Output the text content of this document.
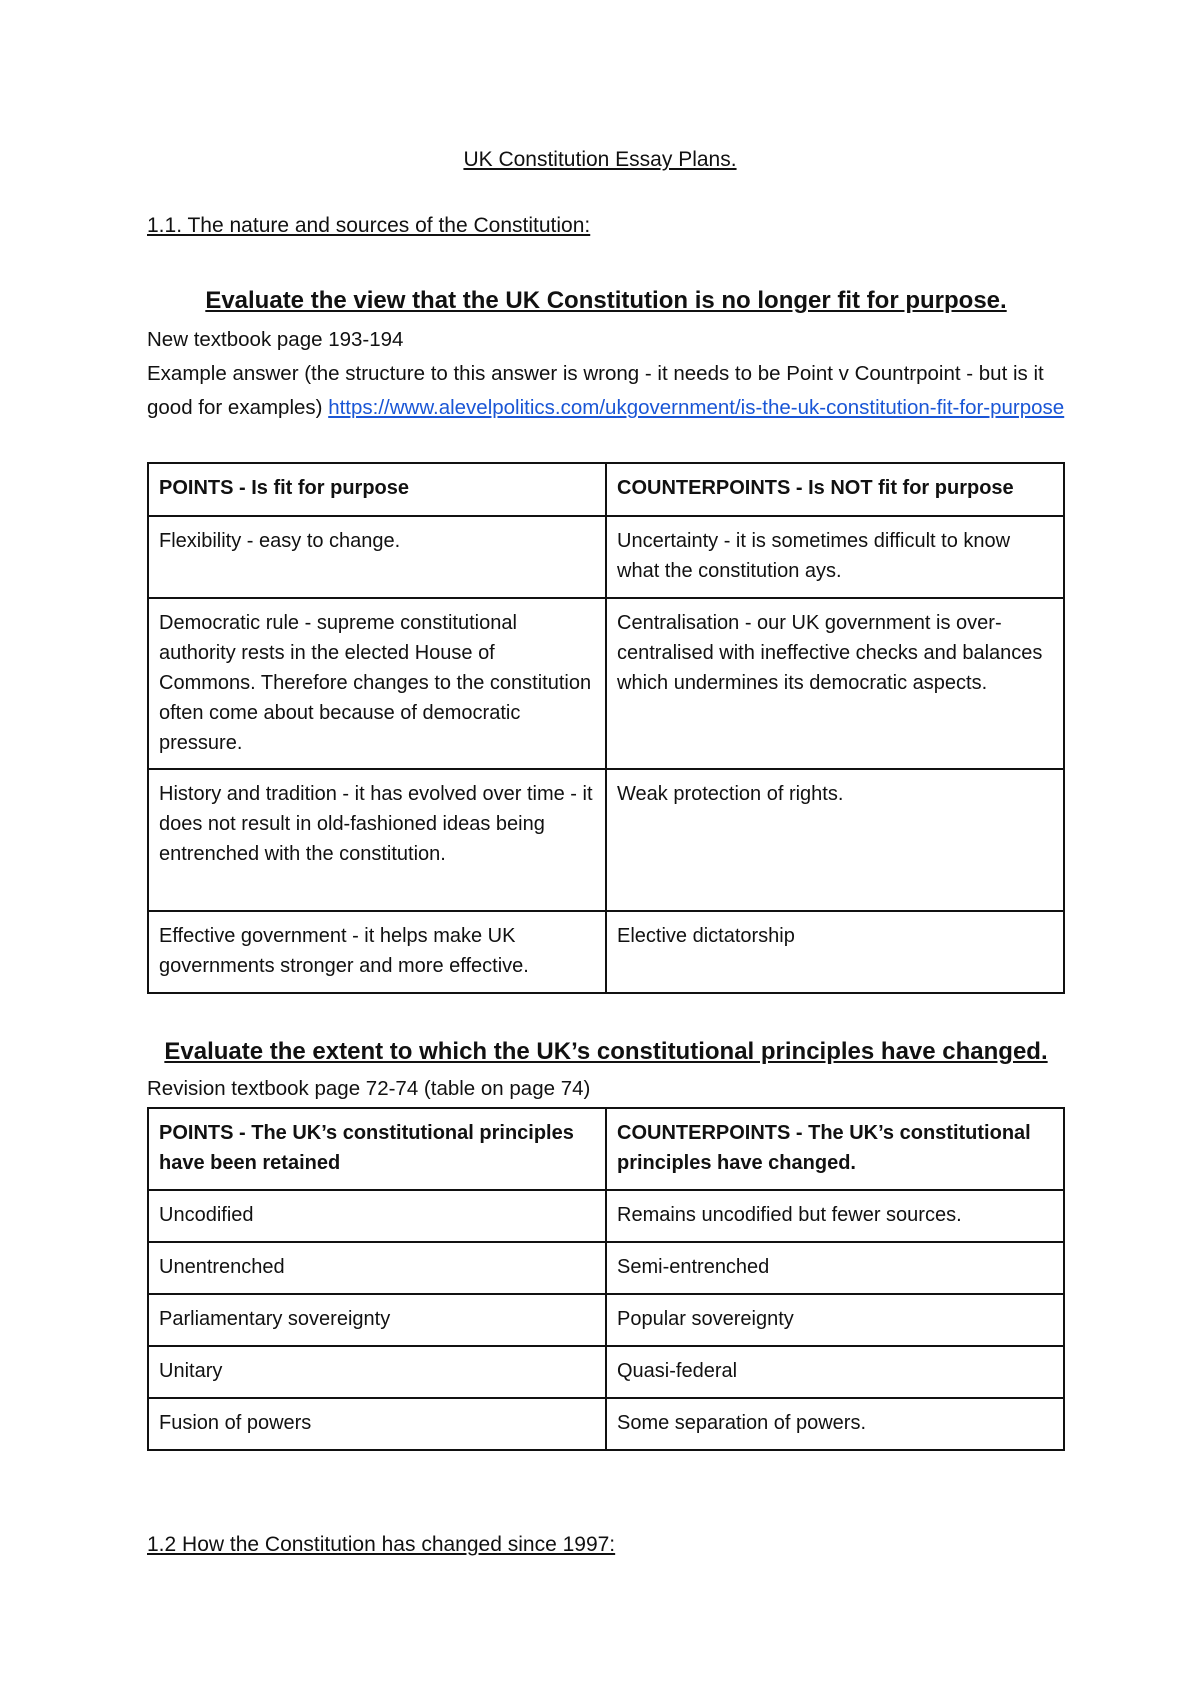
UK Constitution Essay Plans.
1.1. The nature and sources of the Constitution:
Evaluate the view that the UK Constitution is no longer fit for purpose.
New textbook page 193-194
Example answer (the structure to this answer is wrong - it needs to be Point v Countrpoint - but is it good for examples) https://www.alevelpolitics.com/ukgovernment/is-the-uk-constitution-fit-for-purpose
POINTS - Is fit for purpose	COUNTERPOINTS - Is NOT fit for purpose
Flexibility - easy to change.	Uncertainty - it is sometimes difficult to know what the constitution ays.
Democratic rule - supreme constitutional authority rests in the elected House of Commons. Therefore changes to the constitution often come about because of democratic pressure.	Centralisation - our UK government is over-centralised with ineffective checks and balances which undermines its democratic aspects.
History and tradition - it has evolved over time - it does not result in old-fashioned ideas being entrenched with the constitution.	Weak protection of rights.
Effective government - it helps make UK governments stronger and more effective.	Elective dictatorship
Evaluate the extent to which the UK’s constitutional principles have changed.
Revision textbook page 72-74 (table on page 74)
POINTS - The UK’s constitutional principles have been retained	COUNTERPOINTS - The UK’s constitutional principles have changed.
Uncodified	Remains uncodified but fewer sources.
Unentrenched	Semi-entrenched
Parliamentary sovereignty	Popular sovereignty
Unitary	Quasi-federal
Fusion of powers	Some separation of powers.
1.2 How the Constitution has changed since 1997:
